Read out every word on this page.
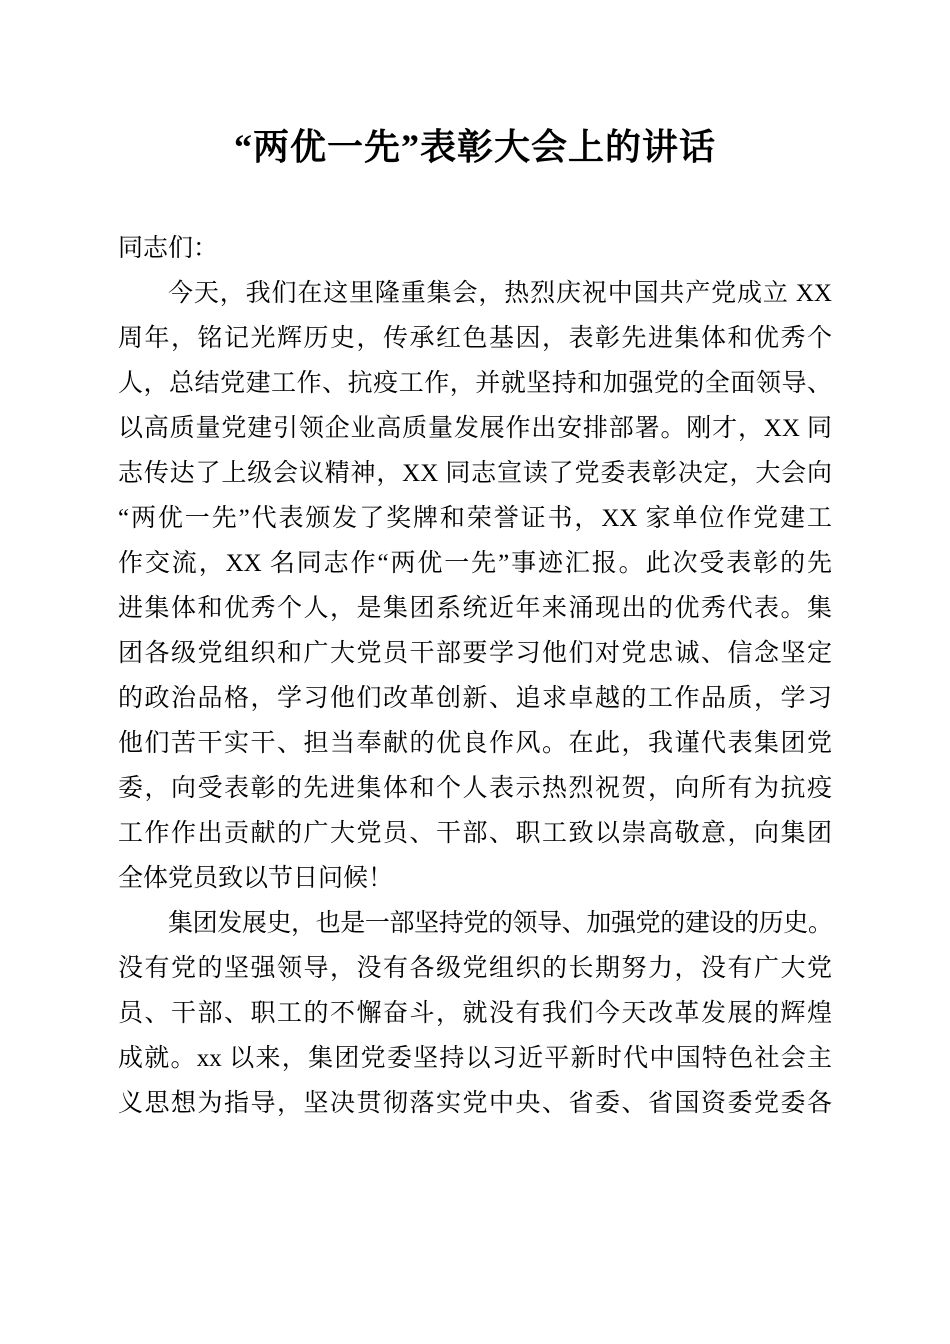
“两优一先”表彰大会上的讲话
同志们：
今天，我们在这里隆重集会，热烈庆祝中国共产党成立 XX
周年，铭记光辉历史，传承红色基因，表彰先进集体和优秀个
人，总结党建工作、抗疫工作，并就坚持和加强党的全面领导、
以高质量党建引领企业高质量发展作出安排部署。刚才，XX 同
志传达了上级会议精神，XX 同志宣读了党委表彰决定，大会向
“两优一先”代表颁发了奖牌和荣誉证书，XX 家单位作党建工
作交流，XX 名同志作“两优一先”事迹汇报。此次受表彰的先
进集体和优秀个人，是集团系统近年来涌现出的优秀代表。集
团各级党组织和广大党员干部要学习他们对党忠诚、信念坚定
的政治品格，学习他们改革创新、追求卓越的工作品质，学习
他们苦干实干、担当奉献的优良作风。在此，我谨代表集团党
委，向受表彰的先进集体和个人表示热烈祝贺，向所有为抗疫
工作作出贡献的广大党员、干部、职工致以崇高敬意，向集团
全体党员致以节日问候！
集团发展史，也是一部坚持党的领导、加强党的建设的历史。
没有党的坚强领导，没有各级党组织的长期努力，没有广大党
员、干部、职工的不懈奋斗，就没有我们今天改革发展的辉煌
成就。xx 以来，集团党委坚持以习近平新时代中国特色社会主
义思想为指导，坚决贯彻落实党中央、省委、省国资委党委各
